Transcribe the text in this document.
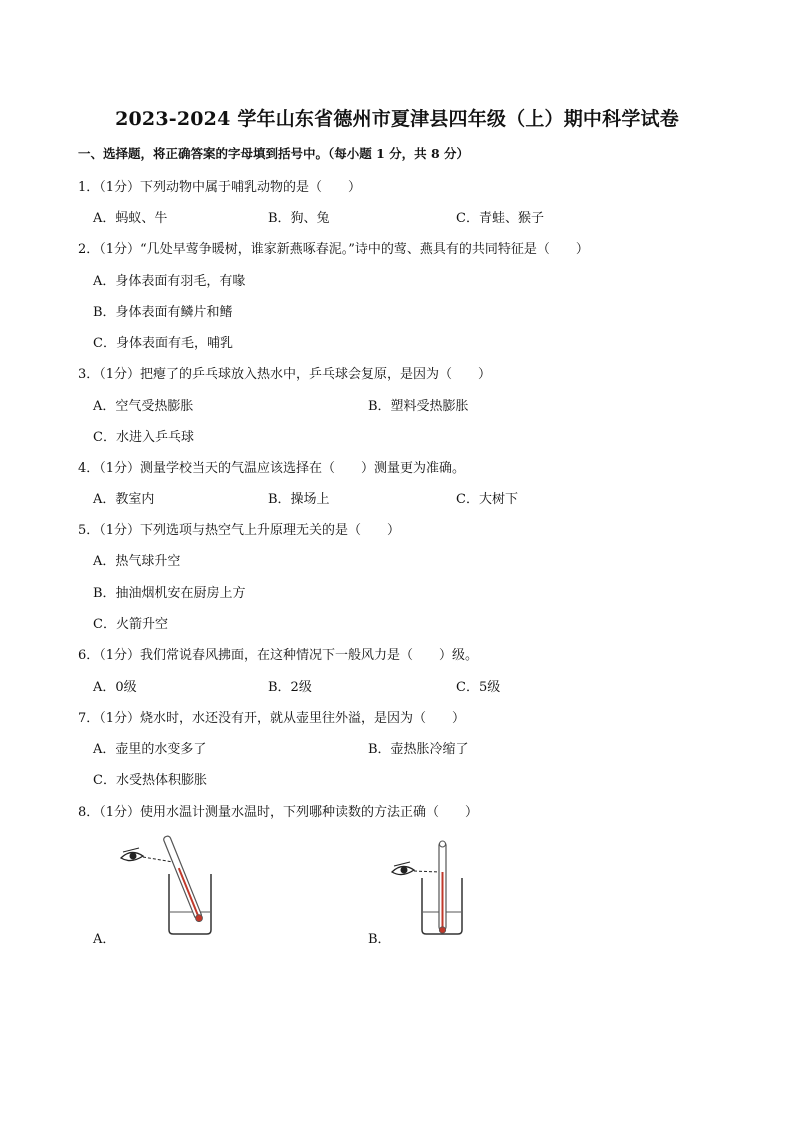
2023-2024 学年山东省德州市夏津县四年级（上）期中科学试卷
一、选择题，将正确答案的字母填到括号中。（每小题 1 分，共 8 分）
1．（1分）下列动物中属于哺乳动物的是（　　）
A．蚂蚁、牛	B．狗、兔	C．青蛙、猴子
2．（1分）“几处早莺争暖树，谁家新燕啄春泥。”诗中的莺、燕具有的共同特征是（　　）
A．身体表面有羽毛，有喙
B．身体表面有鳞片和鳍
C．身体表面有毛，哺乳
3．（1分）把瘪了的乒乓球放入热水中，乒乓球会复原，是因为（　　）
A．空气受热膨胀	B．塑料受热膨胀
C．水进入乒乓球
4．（1分）测量学校当天的气温应该选择在（　　）测量更为准确。
A．教室内	B．操场上	C．大树下
5．（1分）下列选项与热空气上升原理无关的是（　　）
A．热气球升空
B．抽油烟机安在厨房上方
C．火箭升空
6．（1分）我们常说春风拂面，在这种情况下一般风力是（　　）级。
A．0级	B．2级	C．5级
7．（1分）烧水时，水还没有开，就从壶里往外溢，是因为（　　）
A．壶里的水变多了	B．壶热胀冷缩了
C．水受热体积膨胀
8．（1分）使用水温计测量水温时，下列哪种读数的方法正确（　　）
A．	B．
